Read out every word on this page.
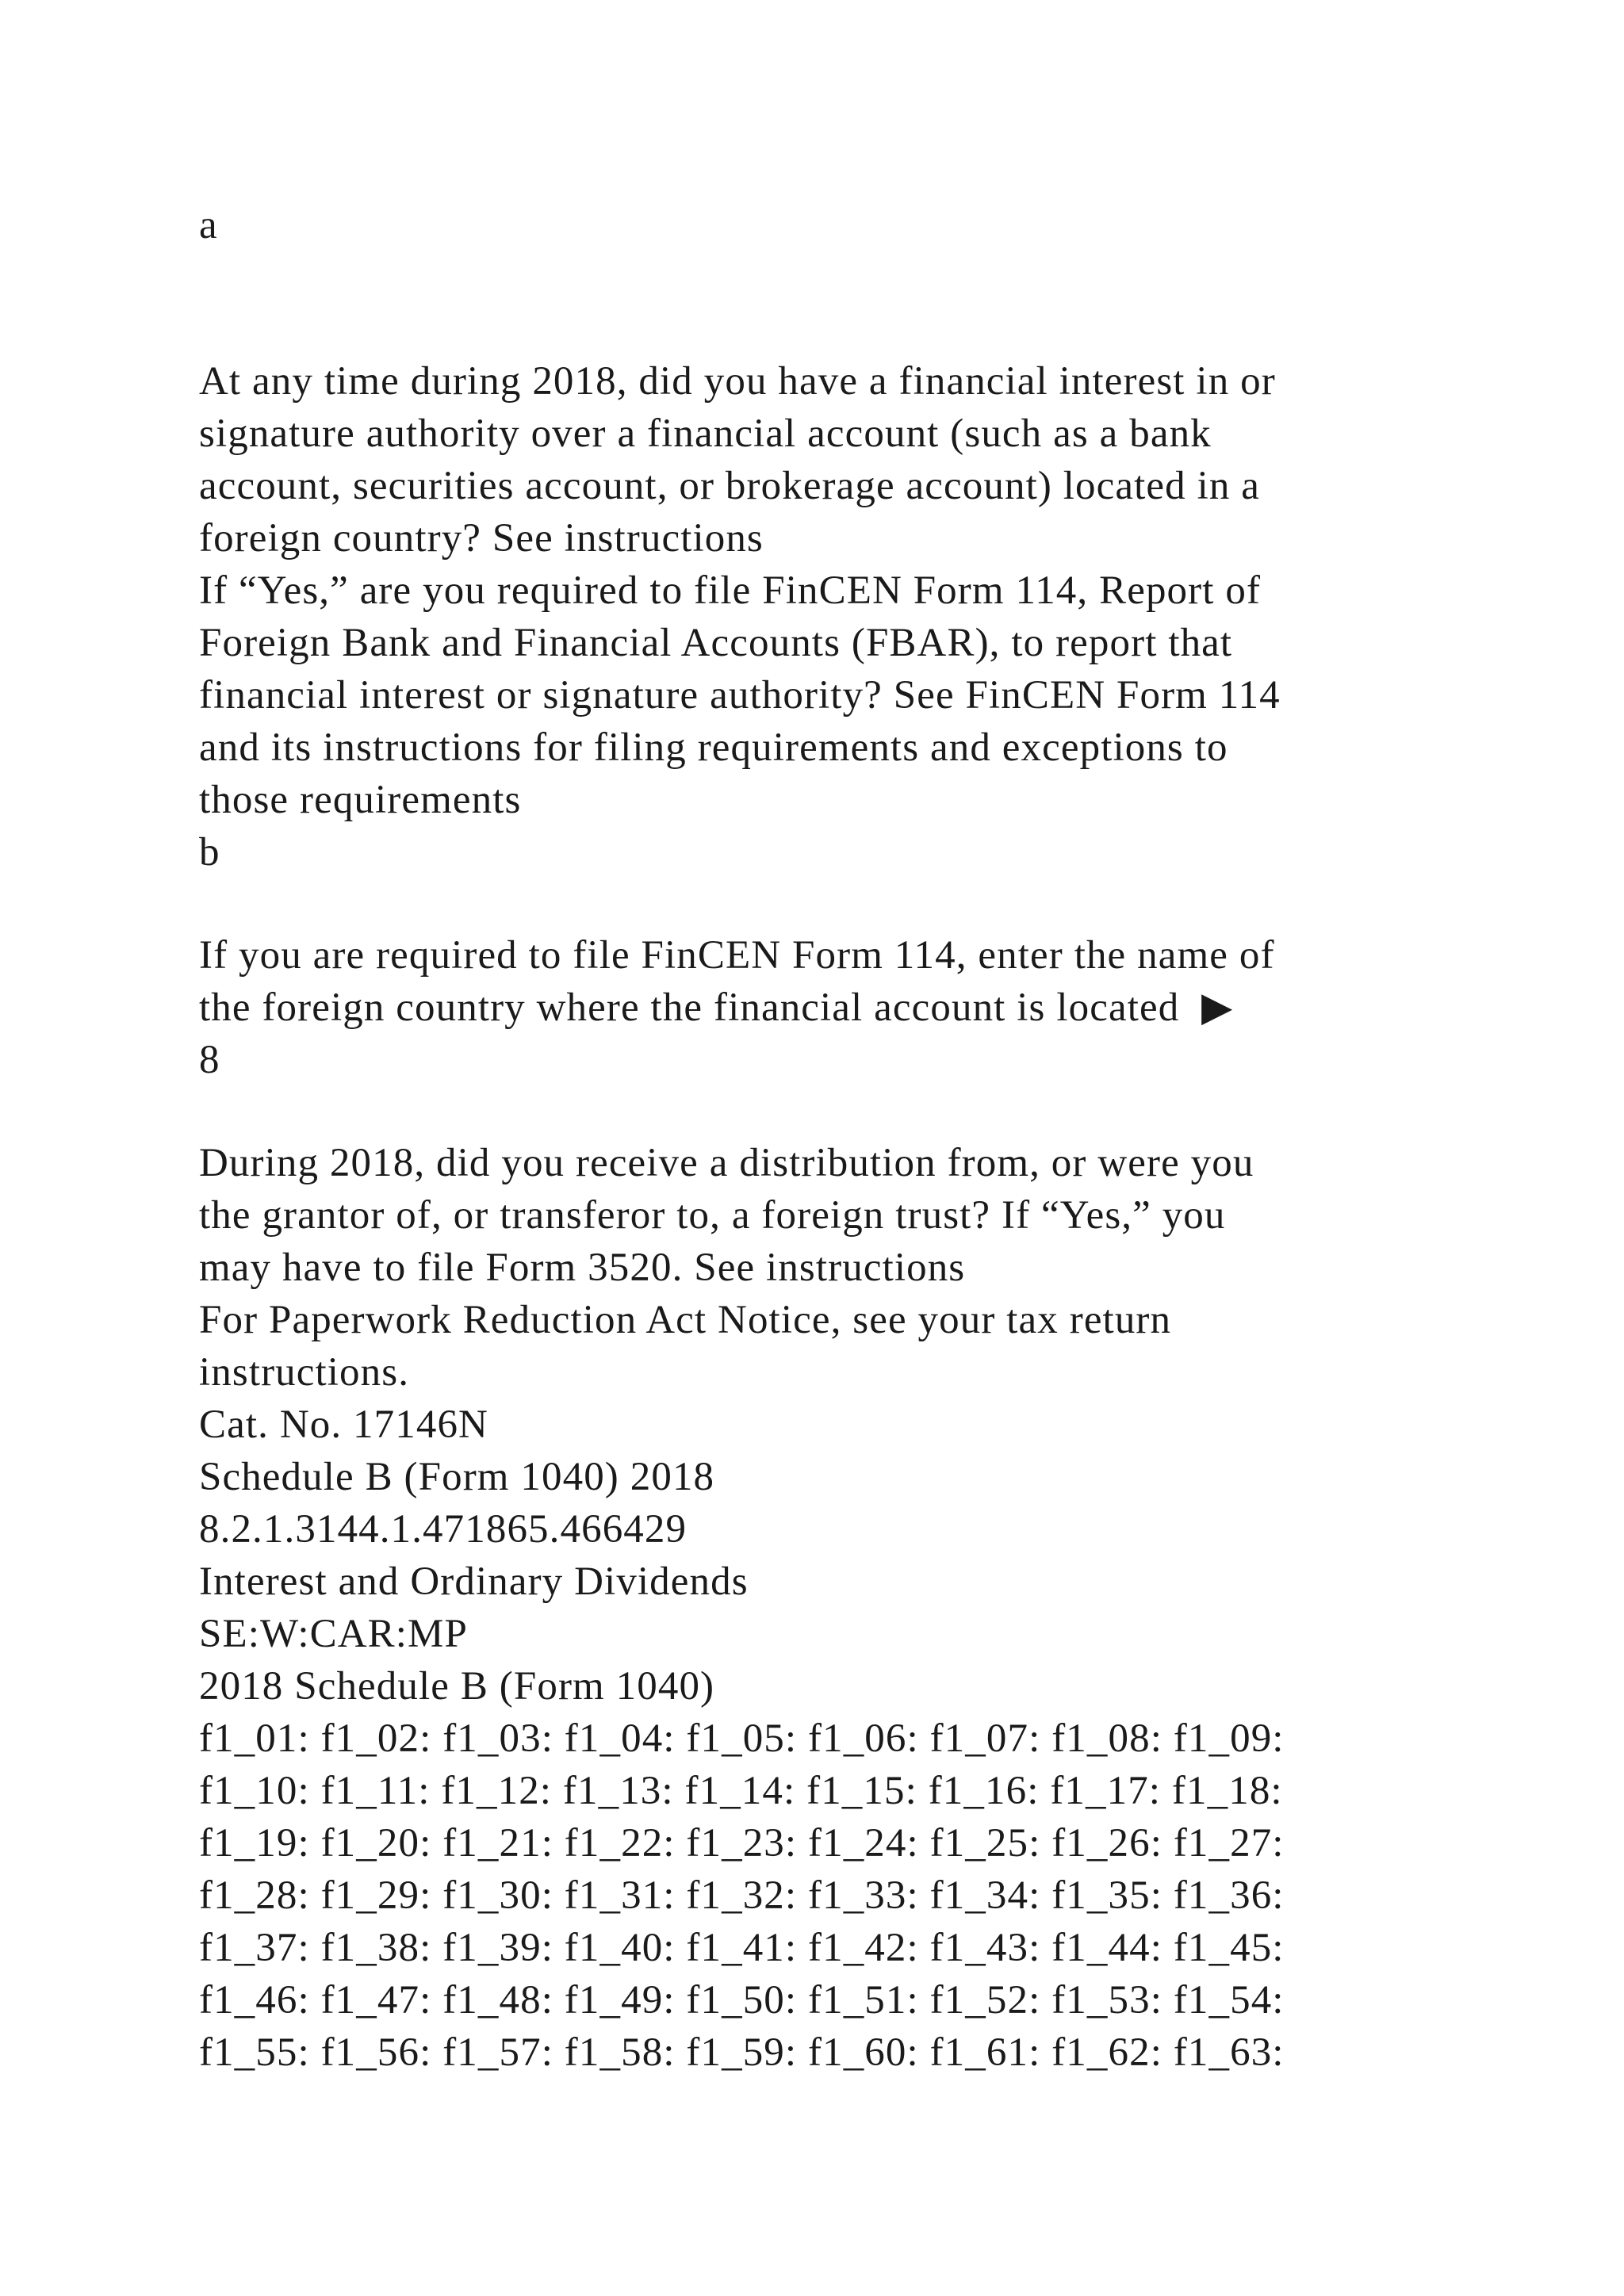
a
At any time during 2018, did you have a financial interest in or
signature authority over a financial account (such as a bank
account, securities account, or brokerage account) located in a
foreign country? See instructions
If “Yes,” are you required to file FinCEN Form 114, Report of
Foreign Bank and Financial Accounts (FBAR), to report that
financial interest or signature authority? See FinCEN Form 114
and its instructions for filing requirements and exceptions to
those requirements
b
If you are required to file FinCEN Form 114, enter the name of
the foreign country where the financial account is located  ▶
8
During 2018, did you receive a distribution from, or were you
the grantor of, or transferor to, a foreign trust? If “Yes,” you
may have to file Form 3520. See instructions
For Paperwork Reduction Act Notice, see your tax return
instructions.
Cat. No. 17146N
Schedule B (Form 1040) 2018
8.2.1.3144.1.471865.466429
Interest and Ordinary Dividends
SE:W:CAR:MP
2018 Schedule B (Form 1040)
f1_01: f1_02: f1_03: f1_04: f1_05: f1_06: f1_07: f1_08: f1_09:
f1_10: f1_11: f1_12: f1_13: f1_14: f1_15: f1_16: f1_17: f1_18:
f1_19: f1_20: f1_21: f1_22: f1_23: f1_24: f1_25: f1_26: f1_27:
f1_28: f1_29: f1_30: f1_31: f1_32: f1_33: f1_34: f1_35: f1_36:
f1_37: f1_38: f1_39: f1_40: f1_41: f1_42: f1_43: f1_44: f1_45:
f1_46: f1_47: f1_48: f1_49: f1_50: f1_51: f1_52: f1_53: f1_54:
f1_55: f1_56: f1_57: f1_58: f1_59: f1_60: f1_61: f1_62: f1_63:
